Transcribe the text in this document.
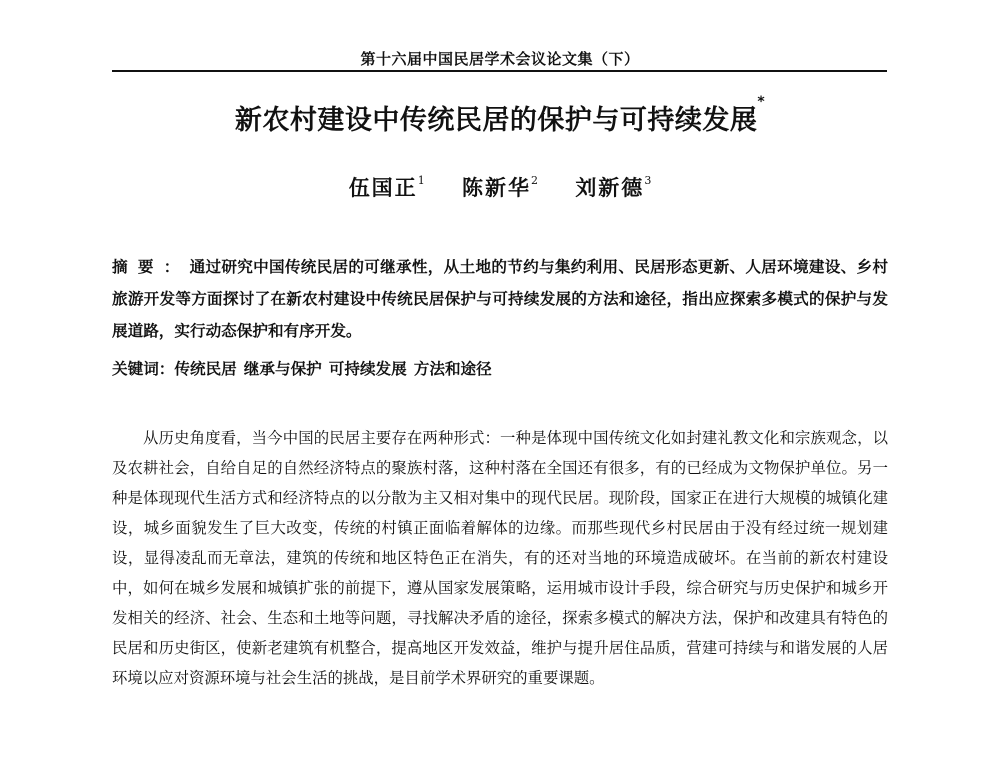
第十六届中国民居学术会议论文集（下）
新农村建设中传统民居的保护与可持续发展*
伍国正$^1$ 陈新华$^2$ 刘新德$^3$
摘要：通过研究中国传统民居的可继承性，从土地的节约与集约利用、民居形态更新、人居环境建设、乡村旅游开发等方面探讨了在新农村建设中传统民居保护与可持续发展的方法和途径，指出应探索多模式的保护与发展道路，实行动态保护和有序开发。
关键词：传统民居 继承与保护 可持续发展 方法和途径
从历史角度看，当今中国的民居主要存在两种形式：一种是体现中国传统文化如封建礼教文化和宗族观念，以及农耕社会，自给自足的自然经济特点的聚族村落，这种村落在全国还有很多，有的已经成为文物保护单位。另一种是体现现代生活方式和经济特点的以分散为主又相对集中的现代民居。现阶段，国家正在进行大规模的城镇化建设，城乡面貌发生了巨大改变，传统的村镇正面临着解体的边缘。而那些现代乡村民居由于没有经过统一规划建设，显得凌乱而无章法，建筑的传统和地区特色正在消失，有的还对当地的环境造成破坏。在当前的新农村建设中，如何在城乡发展和城镇扩张的前提下，遵从国家发展策略，运用城市设计手段，综合研究与历史保护和城乡开发相关的经济、社会、生态和土地等问题，寻找解决矛盾的途径，探索多模式的解决方法，保护和改建具有特色的民居和历史街区，使新老建筑有机整合，提高地区开发效益，维护与提升居住品质，营建可持续与和谐发展的人居环境以应对资源环境与社会生活的挑战，是目前学术界研究的重要课题。
